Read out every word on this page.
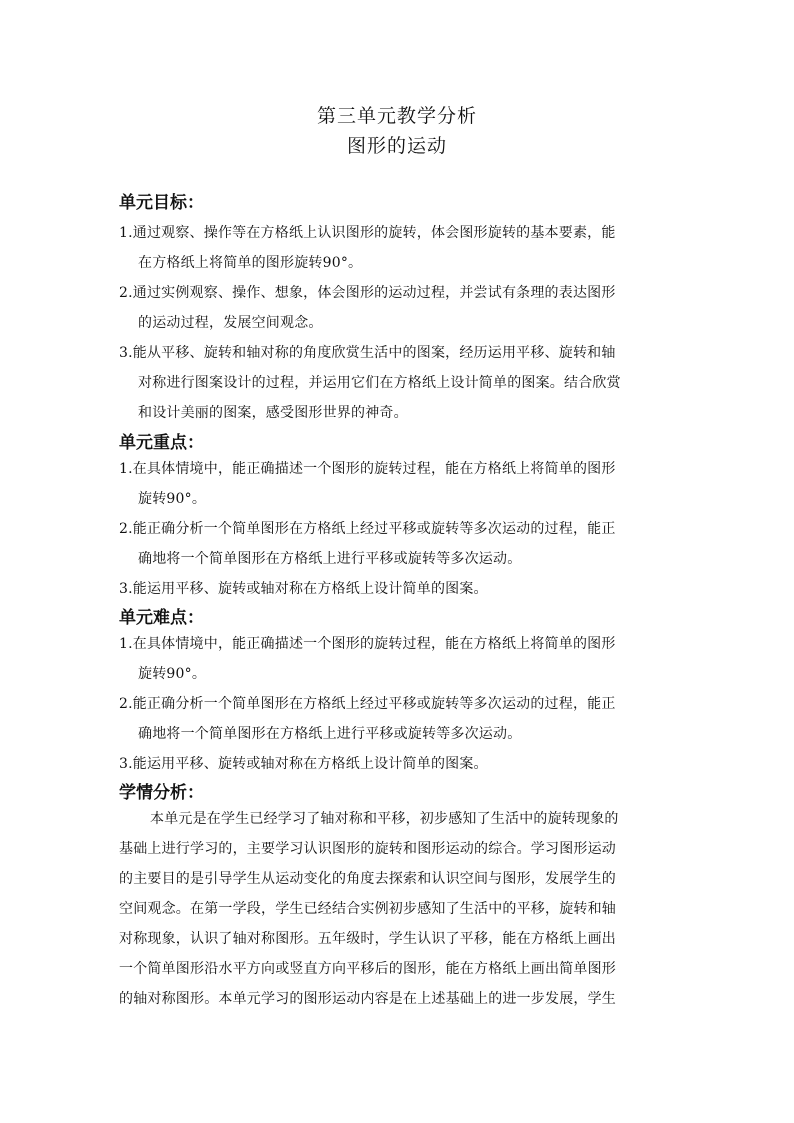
第三单元教学分析
图形的运动
单元目标：
1.通过观察、操作等在方格纸上认识图形的旋转，体会图形旋转的基本要素，能
在方格纸上将简单的图形旋转90°。
2.通过实例观察、操作、想象，体会图形的运动过程，并尝试有条理的表达图形
的运动过程，发展空间观念。
3.能从平移、旋转和轴对称的角度欣赏生活中的图案，经历运用平移、旋转和轴
对称进行图案设计的过程，并运用它们在方格纸上设计简单的图案。结合欣赏
和设计美丽的图案，感受图形世界的神奇。
单元重点：
1.在具体情境中，能正确描述一个图形的旋转过程，能在方格纸上将简单的图形
旋转90°。
2.能正确分析一个简单图形在方格纸上经过平移或旋转等多次运动的过程，能正
确地将一个简单图形在方格纸上进行平移或旋转等多次运动。
3.能运用平移、旋转或轴对称在方格纸上设计简单的图案。
单元难点：
1.在具体情境中，能正确描述一个图形的旋转过程，能在方格纸上将简单的图形
旋转90°。
2.能正确分析一个简单图形在方格纸上经过平移或旋转等多次运动的过程，能正
确地将一个简单图形在方格纸上进行平移或旋转等多次运动。
3.能运用平移、旋转或轴对称在方格纸上设计简单的图案。
学情分析：
本单元是在学生已经学习了轴对称和平移，初步感知了生活中的旋转现象的
基础上进行学习的，主要学习认识图形的旋转和图形运动的综合。学习图形运动
的主要目的是引导学生从运动变化的角度去探索和认识空间与图形，发展学生的
空间观念。在第一学段，学生已经结合实例初步感知了生活中的平移，旋转和轴
对称现象，认识了轴对称图形。五年级时，学生认识了平移，能在方格纸上画出
一个简单图形沿水平方向或竖直方向平移后的图形，能在方格纸上画出简单图形
的轴对称图形。本单元学习的图形运动内容是在上述基础上的进一步发展，学生
